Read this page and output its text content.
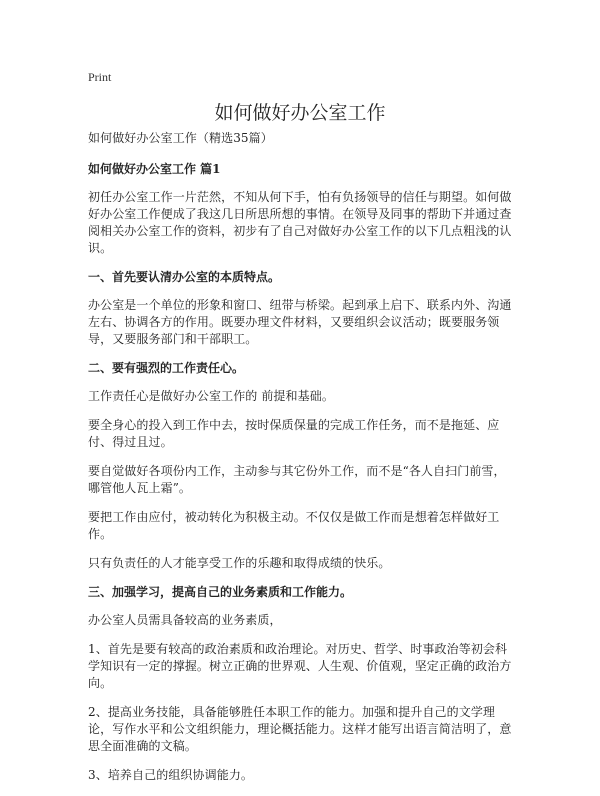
Print
如何做好办公室工作

如何做好办公室工作（精选35篇）

如何做好办公室工作 篇1

初任办公室工作一片茫然，不知从何下手，怕有负扬领导的信任与期望。如何做好办公室工作便成了我这几日所思所想的事情。在领导及同事的帮助下并通过查阅相关办公室工作的资料，初步有了自己对做好办公室工作的以下几点粗浅的认识。

一、首先要认清办公室的本质特点。

办公室是一个单位的形象和窗口、纽带与桥梁。起到承上启下、联系内外、沟通左右、协调各方的作用。既要办理文件材料，又要组织会议活动；既要服务领导，又要服务部门和干部职工。

二、要有强烈的工作责任心。

工作责任心是做好办公室工作的 前提和基础。

要全身心的投入到工作中去，按时保质保量的完成工作任务，而不是拖延、应付、得过且过。

要自觉做好各项份内工作，主动参与其它份外工作，而不是“各人自扫门前雪，哪管他人瓦上霜”。

要把工作由应付，被动转化为积极主动。不仅仅是做工作而是想着怎样做好工作。

只有负责任的人才能享受工作的乐趣和取得成绩的快乐。

三、加强学习，提高自己的业务素质和工作能力。

办公室人员需具备较高的业务素质，

1、首先是要有较高的政治素质和政治理论。对历史、哲学、时事政治等初会科学知识有一定的撑握。树立正确的世界观、人生观、价值观，坚定正确的政治方向。

2、提高业务技能，具备能够胜任本职工作的能力。加强和提升自己的文学理论，写作水平和公文组织能力，理论概括能力。这样才能写出语言简洁明了，意思全面准确的文稿。

3、培养自己的组织协调能力。
